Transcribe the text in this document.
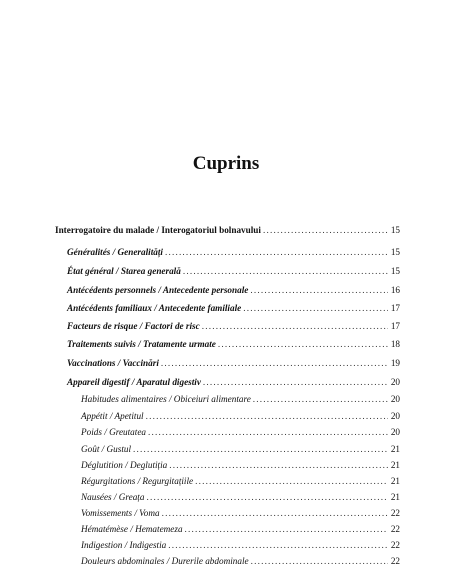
Cuprins
Interrogatoire du malade / Interogatoriul bolnavului .....	15
Généralités / Generalități .....	15
État général / Starea generală .....	15
Antécédents personnels / Antecedente personale .....	16
Antécédents familiaux / Antecedente familiale .....	17
Facteurs de risque / Factori de risc .....	17
Traitements suivis / Tratamente urmate .....	18
Vaccinations / Vaccinări .....	19
Appareil digestif / Aparatul digestiv .....	20
Habitudes alimentaires / Obiceiuri alimentare .....	20
Appétit / Apetitul .....	20
Poids / Greutatea .....	20
Goût / Gustul .....	21
Déglutition / Deglutiția .....	21
Régurgitations / Regurgitațiile .....	21
Nausées / Greața .....	21
Vomissements / Voma .....	22
Hématémèse / Hematemeza .....	22
Indigestion / Indigestia .....	22
Douleurs abdominales / Durerile abdominale .....	22
